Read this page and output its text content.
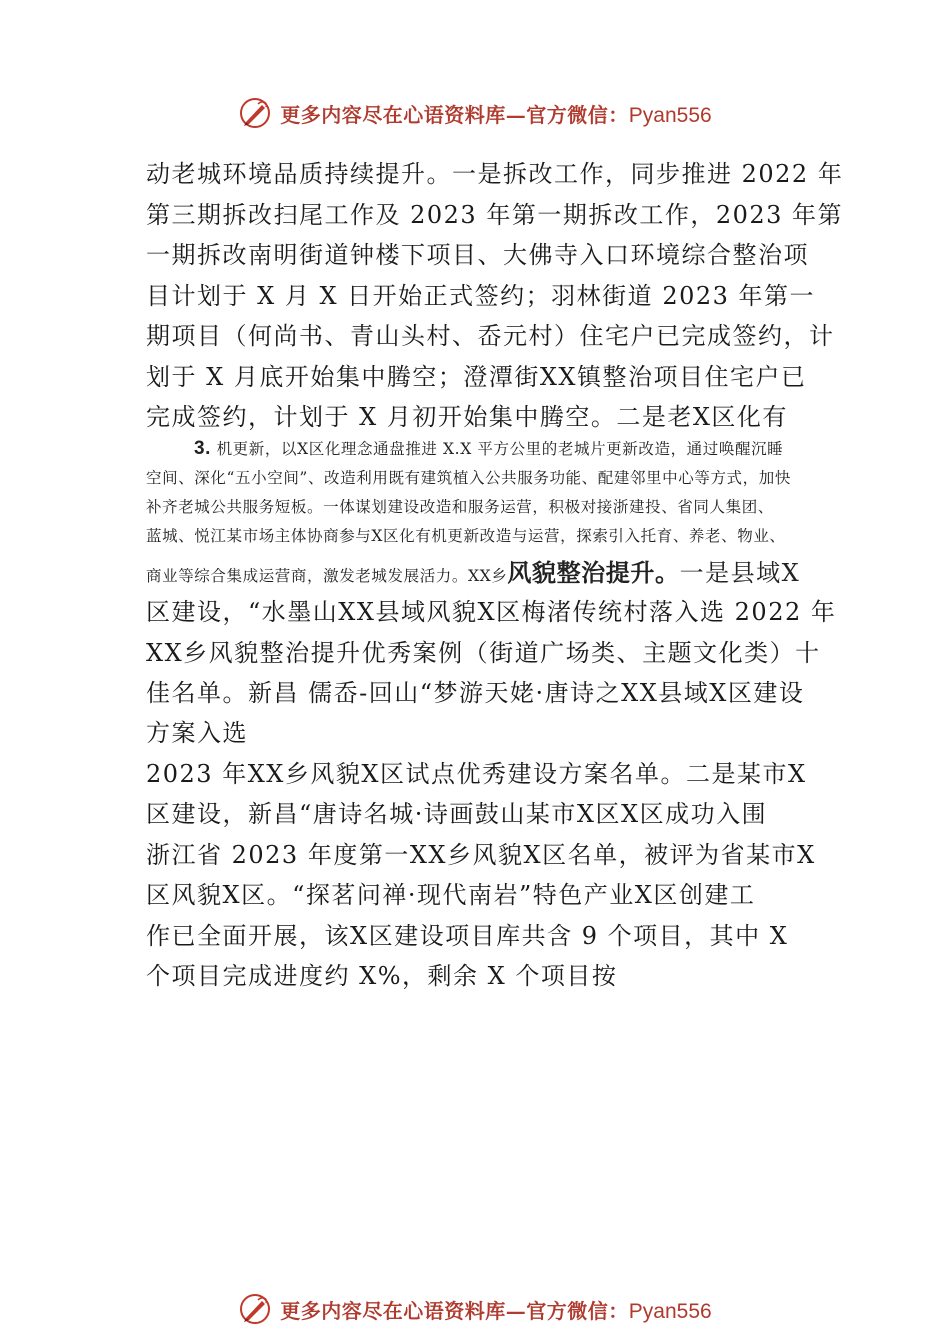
更多内容尽在心语资料库—官方微信：Pyan556
动老城环境品质持续提升。一是拆改工作，同步推进 2022 年
第三期拆改扫尾工作及 2023 年第一期拆改工作，2023 年第
一期拆改南明街道钟楼下项目、大佛寺入口环境综合整治项
目计划于 X 月 X 日开始正式签约；羽林街道 2023 年第一
期项目（何尚书、青山头村、岙元村）住宅户已完成签约，计
划于 X 月底开始集中腾空；澄潭街XX镇整治项目住宅户已
完成签约，计划于 X 月初开始集中腾空。二是老X区化有
3. 机更新，以X区化理念通盘推进 X.X 平方公里的老城片更新改造，通过唤醒沉睡
空间、深化“五小空间”、改造利用既有建筑植入公共服务功能、配建邻里中心等方式，加快
补齐老城公共服务短板。一体谋划建设改造和服务运营，积极对接浙建投、省同人集团、
蓝城、悦江某市场主体协商参与X区化有机更新改造与运营，探索引入托育、养老、物业、
商业等综合集成运营商，激发老城发展活力。XX乡风貌整治提升。一是县域X
区建设，“水墨山XX县域风貌X区梅渚传统村落入选 2022 年
XX乡风貌整治提升优秀案例（街道广场类、主题文化类）十
佳名单。新昌 儒岙-回山“梦游天姥·唐诗之XX县域X区建设
方案入选
2023 年XX乡风貌X区试点优秀建设方案名单。二是某市X
区建设，新昌“唐诗名城·诗画鼓山某市X区X区成功入围
浙江省 2023 年度第一XX乡风貌X区名单，被评为省某市X
区风貌X区。“探茗问禅·现代南岩”特色产业X区创建工
作已全面开展，该X区建设项目库共含 9 个项目，其中 X
个项目完成进度约 X%，剩余 X 个项目按
更多内容尽在心语资料库—官方微信：Pyan556
